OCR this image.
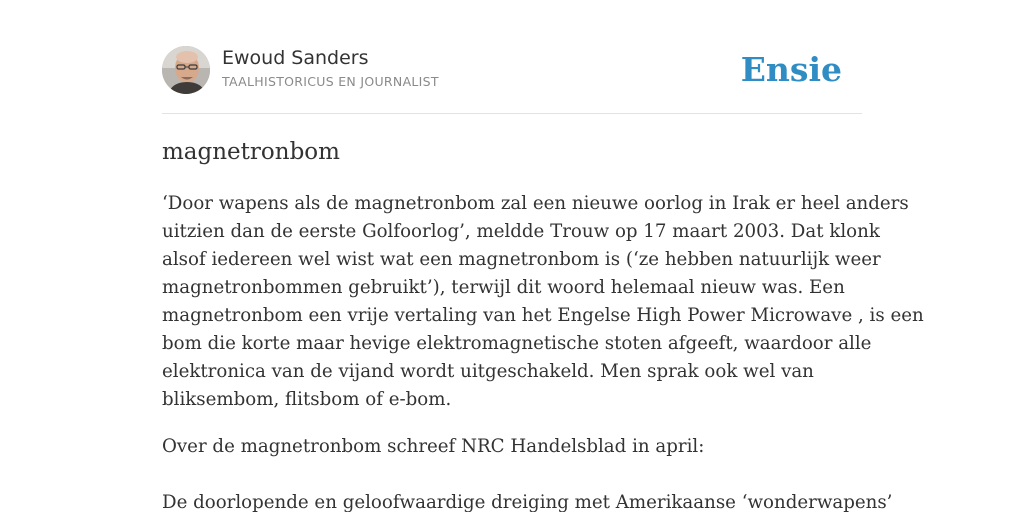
Ewoud Sanders
TAALHISTORICUS EN JOURNALIST	Ensie
magnetronbom

‘Door wapens als de magnetronbom zal een nieuwe oorlog in Irak er heel anders
uitzien dan de eerste Golfoorlog’, meldde Trouw op 17 maart 2003. Dat klonk
alsof iedereen wel wist wat een magnetronbom is (‘ze hebben natuurlijk weer
magnetronbommen gebruikt’), terwijl dit woord helemaal nieuw was. Een
magnetronbom een vrije vertaling van het Engelse High Power Microwave , is een
bom die korte maar hevige elektromagnetische stoten afgeeft, waardoor alle
elektronica van de vijand wordt uitgeschakeld. Men sprak ook wel van
bliksembom, flitsbom of e-bom.

Over de magnetronbom schreef NRC Handelsblad in april:

De doorlopende en geloofwaardige dreiging met Amerikaanse ‘wonderwapens’
